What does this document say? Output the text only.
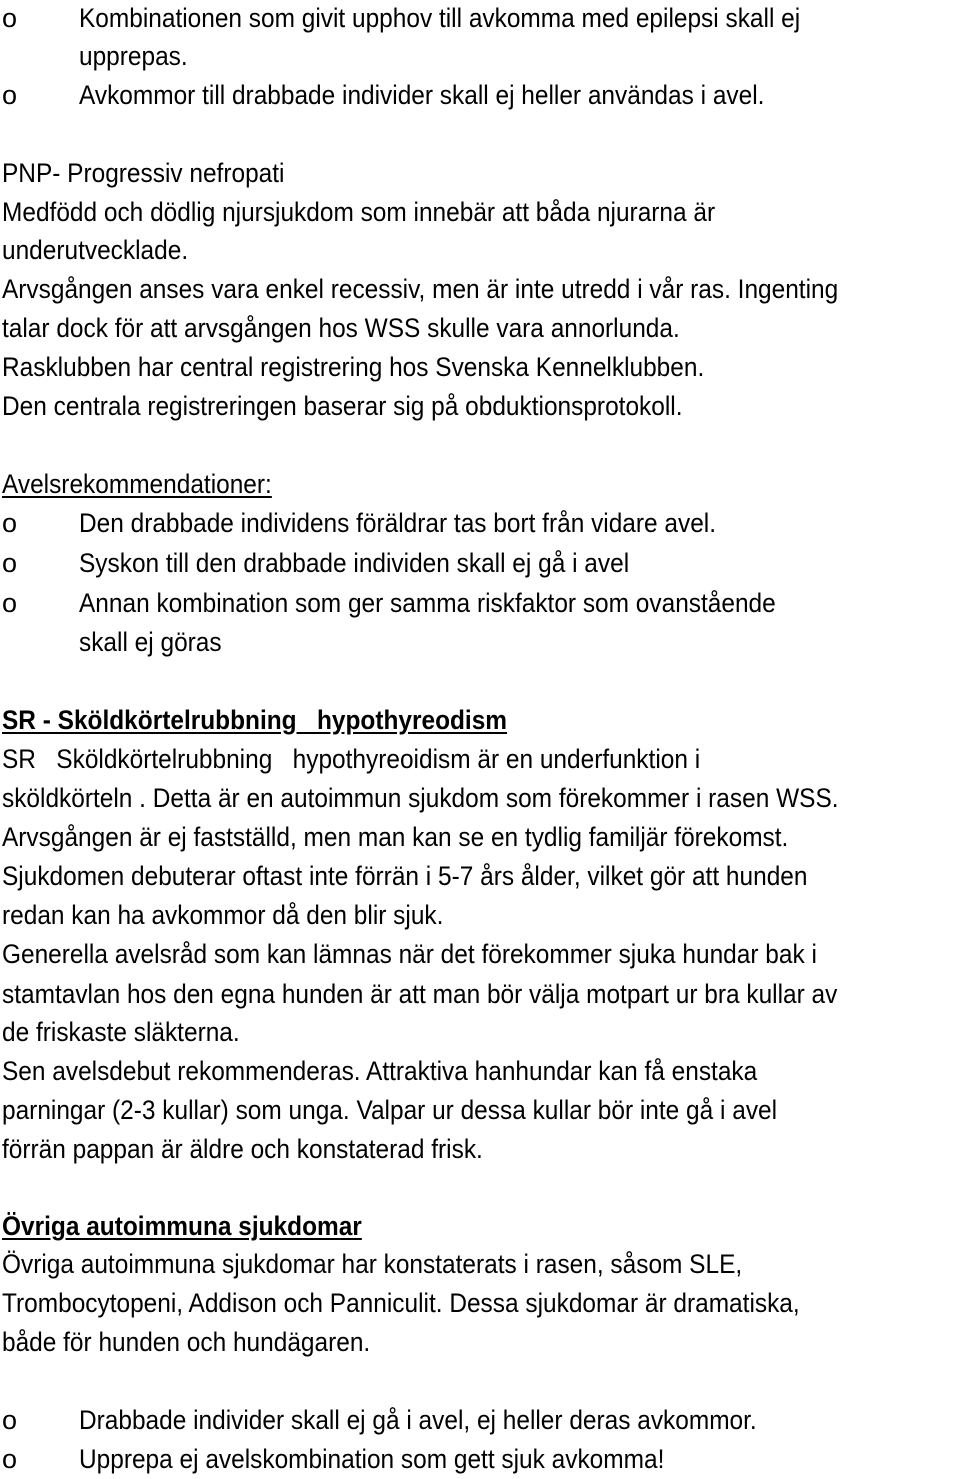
o Kombinationen som givit upphov till avkomma med epilepsi skall ej
upprepas.
o Avkommor till drabbade individer skall ej heller användas i avel.
PNP- Progressiv nefropati
Medfödd och dödlig njursjukdom som innebär att båda njurarna är
underutvecklade.
Arvsgången anses vara enkel recessiv, men är inte utredd i vår ras. Ingenting
talar dock för att arvsgången hos WSS skulle vara annorlunda.
Rasklubben har central registrering hos Svenska Kennelklubben.
Den centrala registreringen baserar sig på obduktionsprotokoll.
Avelsrekommendationer:
o Den drabbade individens föräldrar tas bort från vidare avel.
o Syskon till den drabbade individen skall ej gå i avel
o Annan kombination som ger samma riskfaktor som ovanstående
skall ej göras
SR - Sköldkörtelrubbning   hypothyreodism
SR   Sköldkörtelrubbning   hypothyreoidism är en underfunktion i
sköldkörteln . Detta är en autoimmun sjukdom som förekommer i rasen WSS.
Arvsgången är ej fastställd, men man kan se en tydlig familjär förekomst.
Sjukdomen debuterar oftast inte förrän i 5-7 års ålder, vilket gör att hunden
redan kan ha avkommor då den blir sjuk.
Generella avelsråd som kan lämnas när det förekommer sjuka hundar bak i
stamtavlan hos den egna hunden är att man bör välja motpart ur bra kullar av
de friskaste släkterna.
Sen avelsdebut rekommenderas. Attraktiva hanhundar kan få enstaka
parningar (2-3 kullar) som unga. Valpar ur dessa kullar bör inte gå i avel
förrän pappan är äldre och konstaterad frisk.
Övriga autoimmuna sjukdomar
Övriga autoimmuna sjukdomar har konstaterats i rasen, såsom SLE,
Trombocytopeni, Addison och Panniculit. Dessa sjukdomar är dramatiska,
både för hunden och hundägaren.
o Drabbade individer skall ej gå i avel, ej heller deras avkommor.
o Upprepa ej avelskombination som gett sjuk avkomma!
